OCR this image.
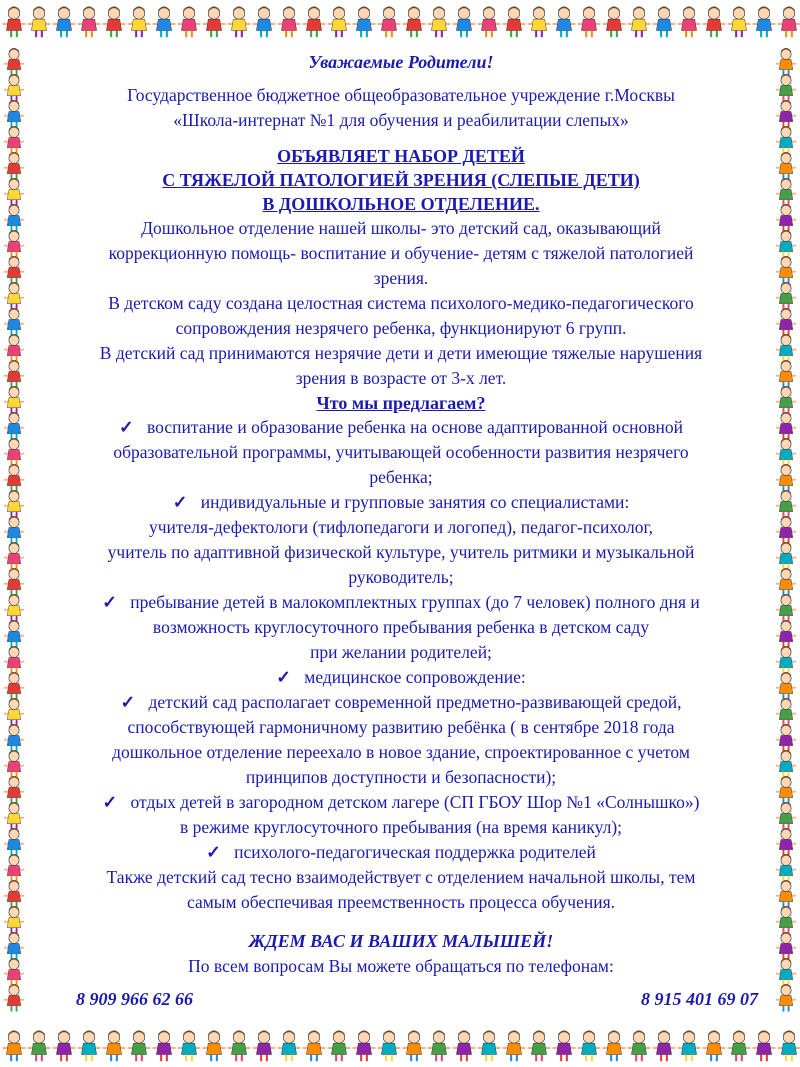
Уважаемые Родители!

Государственное бюджетное общеобразовательное учреждение г.Москвы

«Школа-интернат №1 для обучения и реабилитации слепых»

ОБЪЯВЛЯЕТ НАБОР ДЕТЕЙ
С ТЯЖЕЛОЙ ПАТОЛОГИЕЙ ЗРЕНИЯ (СЛЕПЫЕ ДЕТИ)
В ДОШКОЛЬНОЕ ОТДЕЛЕНИЕ.

Дошкольное отделение нашей школы- это детский сад, оказывающий

коррекционную помощь- воспитание и обучение- детям с тяжелой патологией

зрения.

В детском саду создана целостная система психолого-медико-педагогического

сопровождения незрячего ребенка, функционируют 6 групп.

В детский сад принимаются незрячие дети и дети имеющие тяжелые нарушения

зрения в возрасте от 3-х лет.

Что мы предлагаем?

✓ воспитание и образование ребенка на основе адаптированной основной

образовательной программы, учитывающей особенности развития незрячего

ребенка;

✓ индивидуальные и групповые занятия со специалистами:

учителя-дефектологи (тифлопедагоги и логопед), педагог-психолог,

учитель по адаптивной физической культуре, учитель ритмики и музыкальной

руководитель;

✓ пребывание детей в малокомплектных группах (до 7 человек) полного дня и

возможность круглосуточного пребывания ребенка в детском саду

при желании родителей;

✓ медицинское сопровождение:

✓ детский сад располагает современной предметно-развивающей средой,

способствующей гармоничному развитию ребёнка ( в сентябре 2018 года

дошкольное отделение переехало в новое здание, спроектированное с учетом

принципов доступности и безопасности);

✓ отдых детей в загородном детском лагере (СП ГБОУ Шор №1 «Солнышко»)

в режиме круглосуточного пребывания (на время каникул);

✓ психолого-педагогическая поддержка родителей

Также детский сад тесно взаимодействует с отделением начальной школы, тем

самым обеспечивая преемственность процесса обучения.

ЖДЕМ ВАС И ВАШИХ МАЛЫШЕЙ!

По всем вопросам Вы можете обращаться по телефонам:

8 909 966 62 66	8 915 401 69 07
